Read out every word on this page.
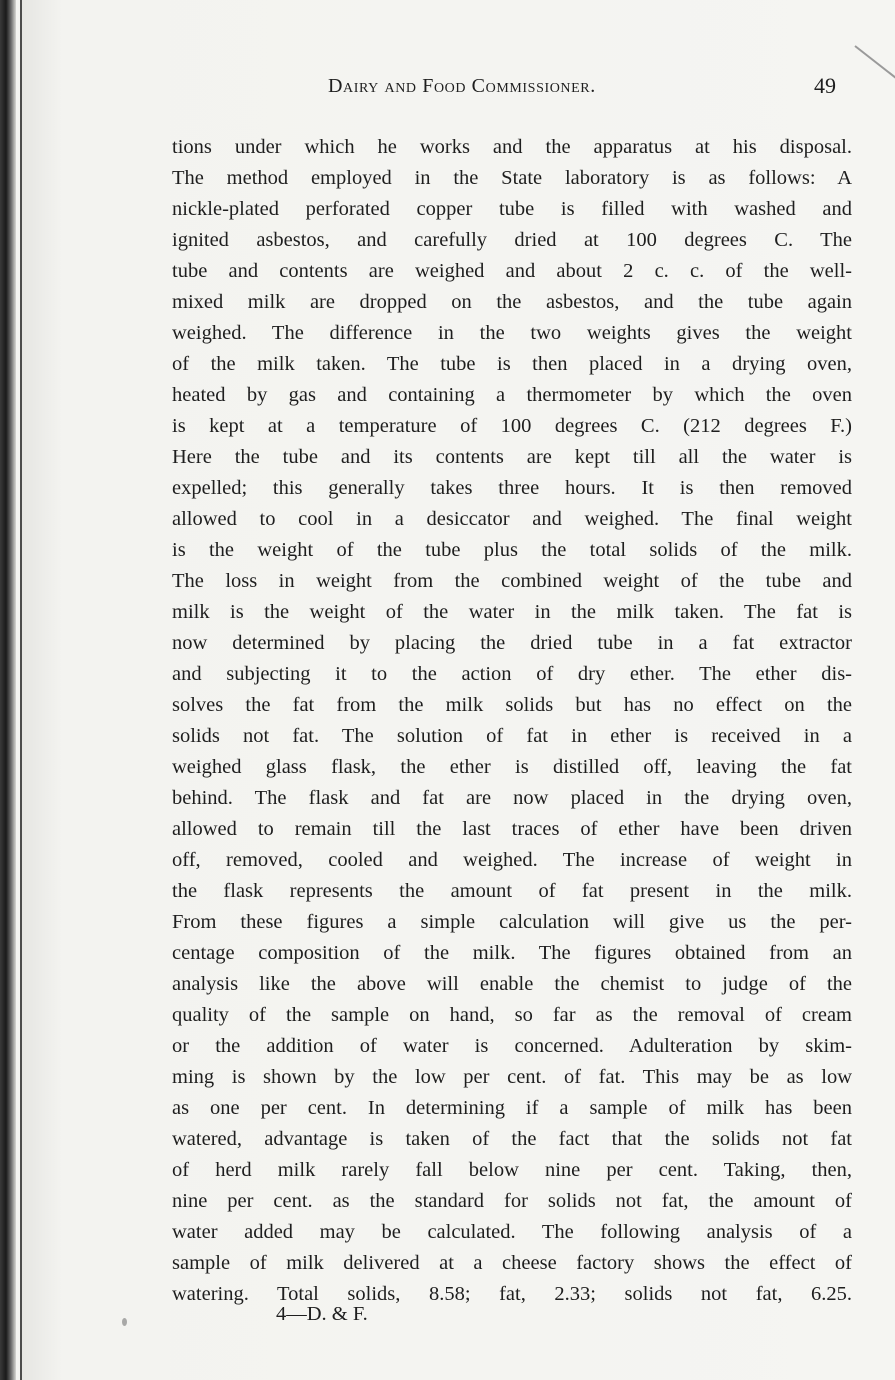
Dairy and Food Commissioner.	49
tions under which he works and the apparatus at his disposal.
The method employed in the State laboratory is as follows: A
nickle-plated perforated copper tube is filled with washed and
ignited asbestos, and carefully dried at 100 degrees C. The
tube and contents are weighed and about 2 c. c. of the well-
mixed milk are dropped on the asbestos, and the tube again
weighed. The difference in the two weights gives the weight
of the milk taken. The tube is then placed in a drying oven,
heated by gas and containing a thermometer by which the oven
is kept at a temperature of 100 degrees C. (212 degrees F.)
Here the tube and its contents are kept till all the water is
expelled; this generally takes three hours. It is then removed
allowed to cool in a desiccator and weighed. The final weight
is the weight of the tube plus the total solids of the milk.
The loss in weight from the combined weight of the tube and
milk is the weight of the water in the milk taken. The fat is
now determined by placing the dried tube in a fat extractor
and subjecting it to the action of dry ether. The ether dis-
solves the fat from the milk solids but has no effect on the
solids not fat. The solution of fat in ether is received in a
weighed glass flask, the ether is distilled off, leaving the fat
behind. The flask and fat are now placed in the drying oven,
allowed to remain till the last traces of ether have been driven
off, removed, cooled and weighed. The increase of weight in
the flask represents the amount of fat present in the milk.
From these figures a simple calculation will give us the per-
centage composition of the milk. The figures obtained from an
analysis like the above will enable the chemist to judge of the
quality of the sample on hand, so far as the removal of cream
or the addition of water is concerned. Adulteration by skim-
ming is shown by the low per cent. of fat. This may be as low
as one per cent. In determining if a sample of milk has been
watered, advantage is taken of the fact that the solids not fat
of herd milk rarely fall below nine per cent. Taking, then,
nine per cent. as the standard for solids not fat, the amount of
water added may be calculated. The following analysis of a
sample of milk delivered at a cheese factory shows the effect of
watering. Total solids, 8.58; fat, 2.33; solids not fat, 6.25.
4—D. & F.
